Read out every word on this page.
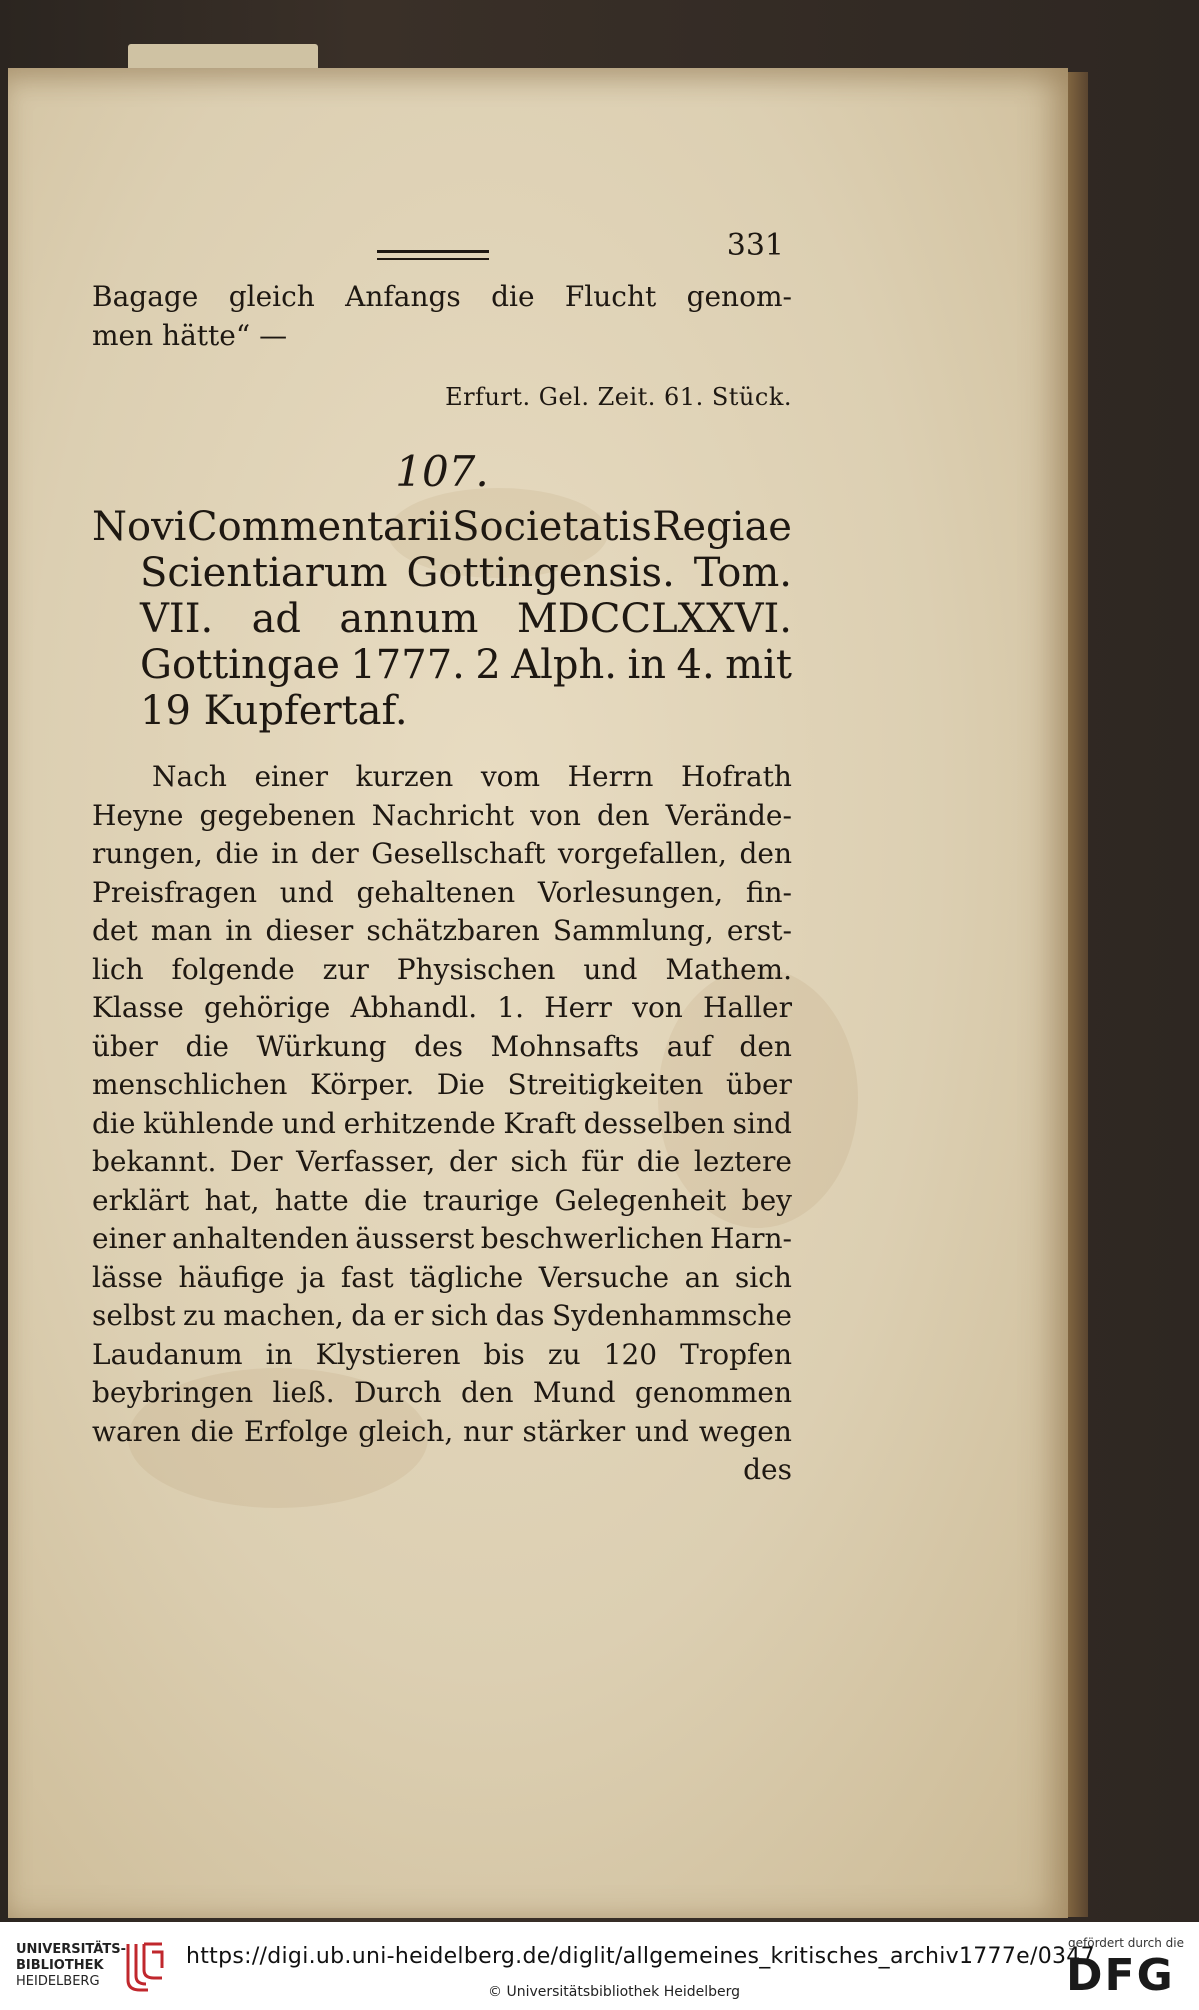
331
Bagage gleich Anfangs die Flucht genom-
men hätte“ —
Erfurt. Gel. Zeit. 61. Stück.
107.
Novi Commentarii Societatis Regiae
Scientiarum Gottingensis. Tom.
VII. ad annum MDCCLXXVI.
Gottingae 1777. 2 Alph. in 4. mit
19 Kupfertaf.
Nach einer kurzen vom Herrn Hofrath
Heyne gegebenen Nachricht von den Verände-
rungen, die in der Gesellschaft vorgefallen, den
Preisfragen und gehaltenen Vorlesungen, fin-
det man in dieser schätzbaren Sammlung, erst-
lich folgende zur Physischen und Mathem.
Klasse gehörige Abhandl. 1. Herr von Haller
über die Würkung des Mohnsafts auf den
menschlichen Körper. Die Streitigkeiten über
die kühlende und erhitzende Kraft desselben sind
bekannt. Der Verfasser, der sich für die leztere
erklärt hat, hatte die traurige Gelegenheit bey
einer anhaltenden äusserst beschwerlichen Harn-
lässe häufige ja fast tägliche Versuche an sich
selbst zu machen, da er sich das Sydenhammsche
Laudanum in Klystieren bis zu 120 Tropfen
beybringen ließ. Durch den Mund genommen
waren die Erfolge gleich, nur stärker und wegen
des
UNIVERSITÄTS-
BIBLIOTHEK
HEIDELBERG
https://digi.ub.uni-heidelberg.de/diglit/allgemeines_kritisches_archiv1777e/0347
© Universitätsbibliothek Heidelberg
gefördert durch die
DFG
